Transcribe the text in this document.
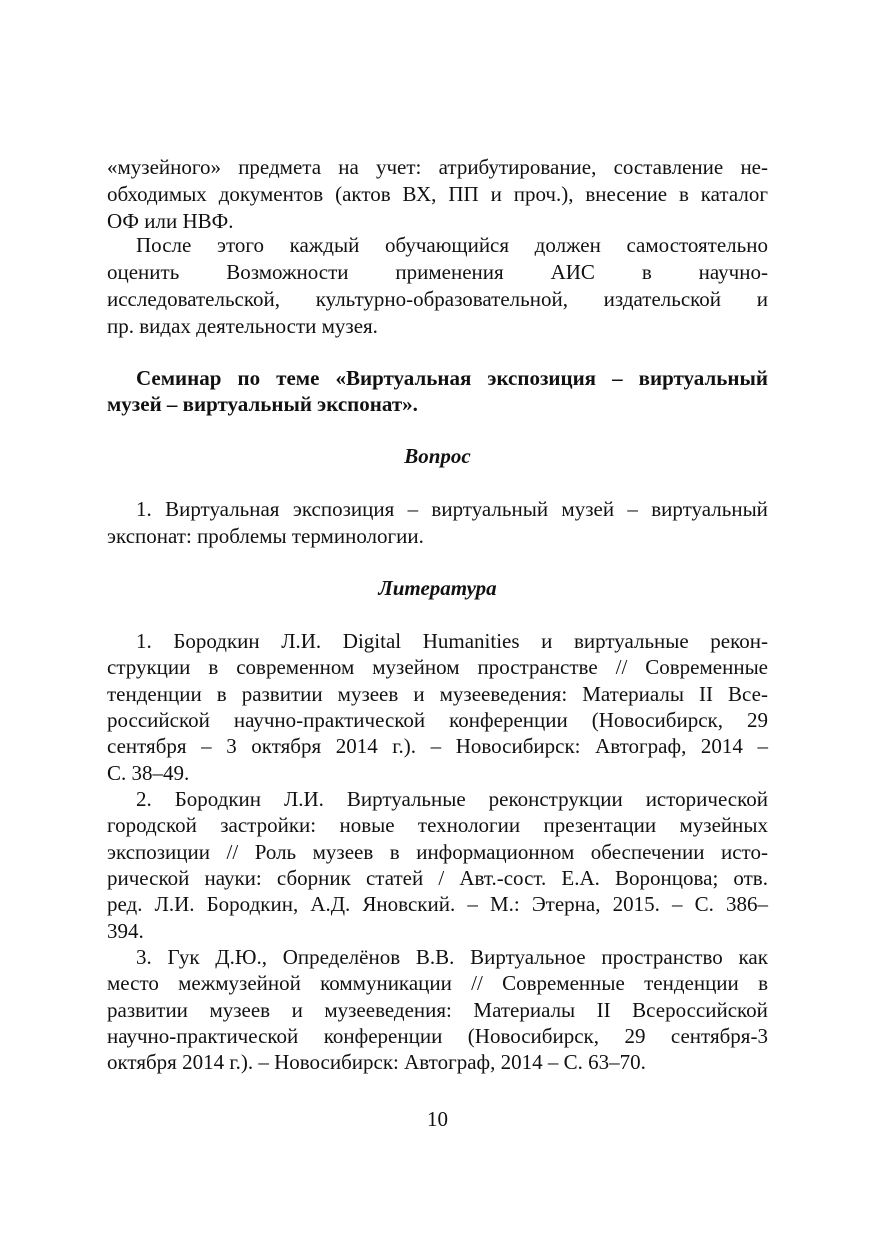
«музейного» предмета на учет: атрибутирование, составление не-
обходимых документов (актов ВХ, ПП и проч.), внесение в каталог
ОФ или НВФ.
После этого каждый обучающийся должен самостоятельно
оценить Возможности применения АИС в научно-
исследовательской, культурно-образовательной, издательской и
пр. видах деятельности музея.
Семинар по теме «Виртуальная экспозиция – виртуальный
музей – виртуальный экспонат».
Вопрос
1. Виртуальная экспозиция – виртуальный музей – виртуальный
экспонат: проблемы терминологии.
Литература
1. Бородкин Л.И. Digital Humanities и виртуальные рекон-
струкции в современном музейном пространстве // Современные
тенденции в развитии музеев и музееведения: Материалы II Все-
российской научно-практической конференции (Новосибирск, 29
сентября – 3 октября 2014 г.). – Новосибирск: Автограф, 2014 –
С. 38–49.
2. Бородкин Л.И. Виртуальные реконструкции исторической
городской застройки: новые технологии презентации музейных
экспозиции // Роль музеев в информационном обеспечении исто-
рической науки: сборник статей / Авт.-сост. Е.А. Воронцова; отв.
ред. Л.И. Бородкин, А.Д. Яновский. – М.: Этерна, 2015. – С. 386–
394.
3. Гук Д.Ю., Определёнов В.В. Виртуальное пространство как
место межмузейной коммуникации // Современные тенденции в
развитии музеев и музееведения: Материалы II Всероссийской
научно-практической конференции (Новосибирск, 29 сентября-3
октября 2014 г.). – Новосибирск: Автограф, 2014 – С. 63–70.
10
